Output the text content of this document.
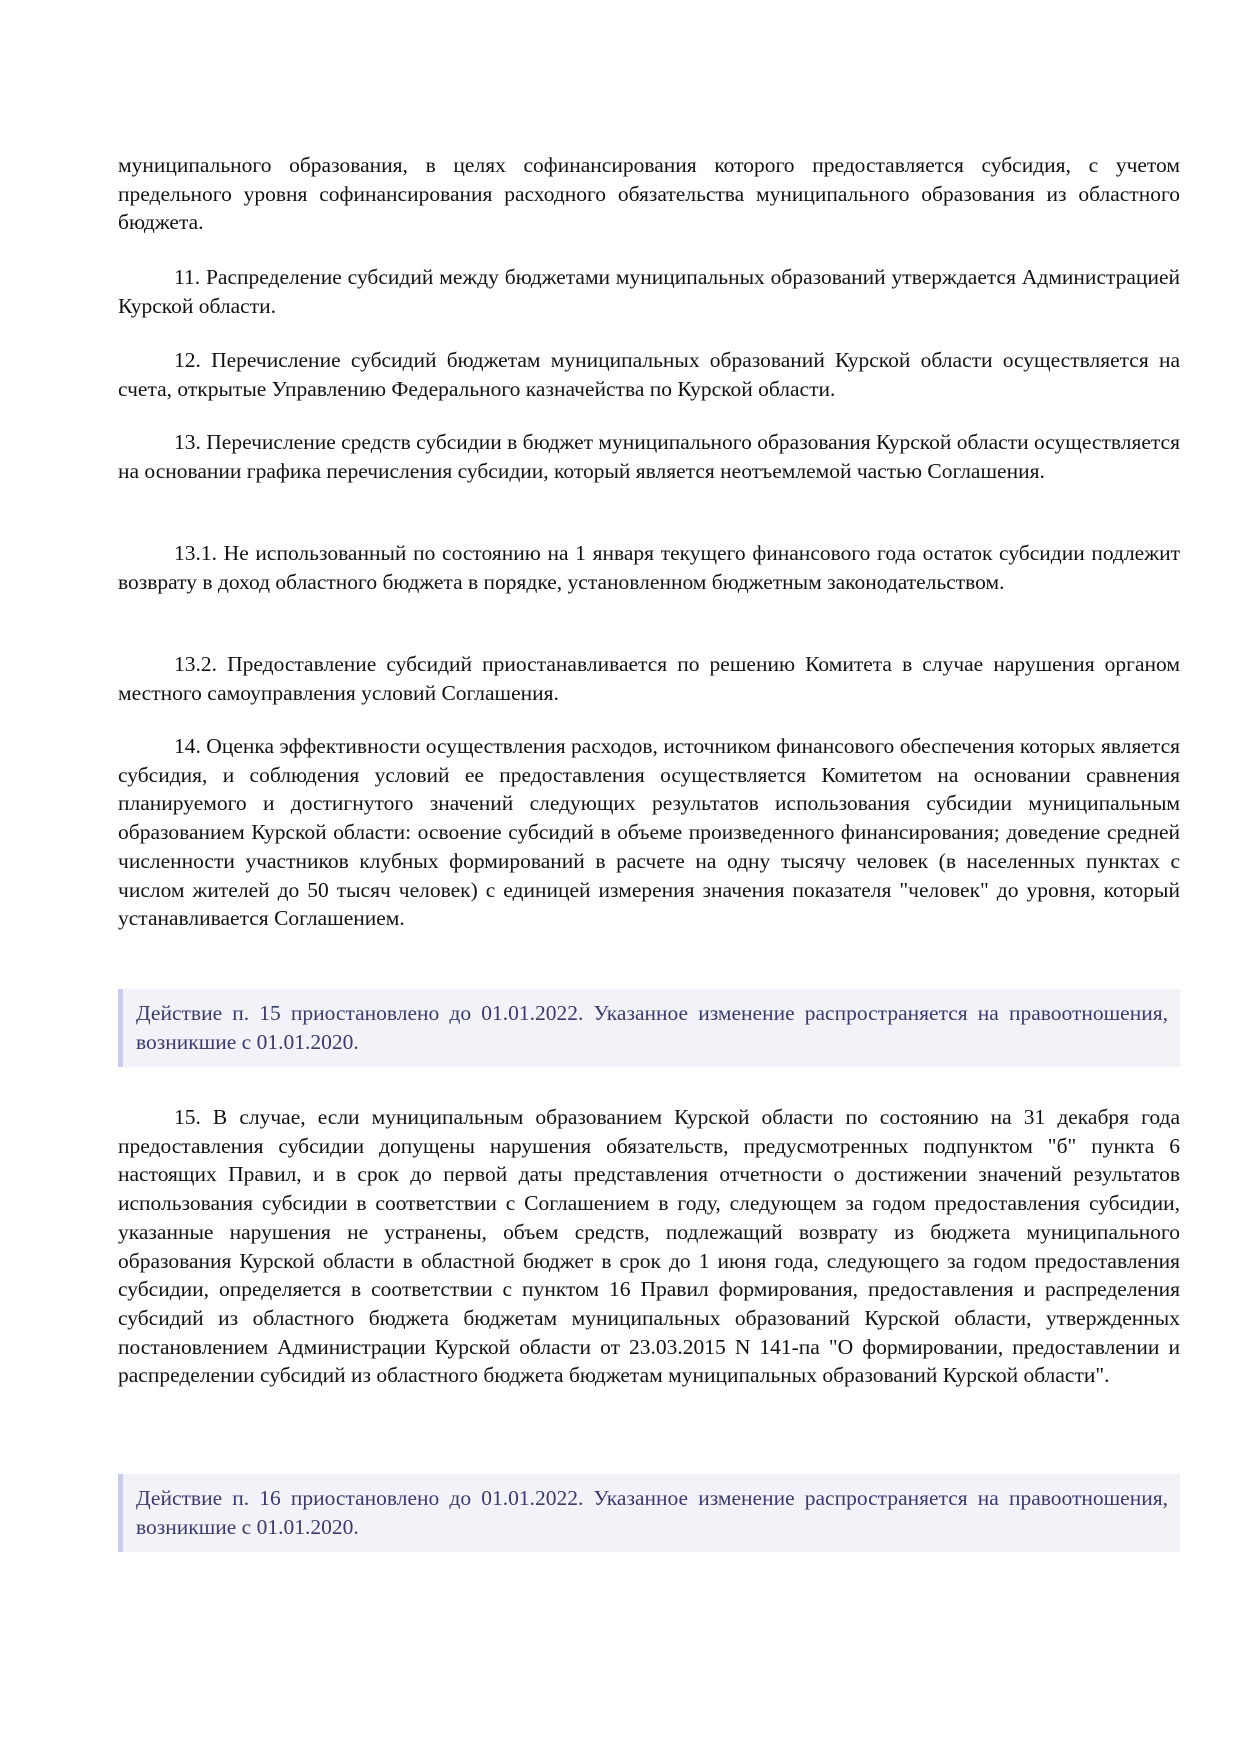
муниципального образования, в целях софинансирования которого предоставляется субсидия, с учетом предельного уровня софинансирования расходного обязательства муниципального образования из областного бюджета.

11. Распределение субсидий между бюджетами муниципальных образований утверждается Администрацией Курской области.

12. Перечисление субсидий бюджетам муниципальных образований Курской области осуществляется на счета, открытые Управлению Федерального казначейства по Курской области.

13. Перечисление средств субсидии в бюджет муниципального образования Курской области осуществляется на основании графика перечисления субсидии, который является неотъемлемой частью Соглашения.

13.1. Не использованный по состоянию на 1 января текущего финансового года остаток субсидии подлежит возврату в доход областного бюджета в порядке, установленном бюджетным законодательством.

13.2. Предоставление субсидий приостанавливается по решению Комитета в случае нарушения органом местного самоуправления условий Соглашения.

14. Оценка эффективности осуществления расходов, источником финансового обеспечения которых является субсидия, и соблюдения условий ее предоставления осуществляется Комитетом на основании сравнения планируемого и достигнутого значений следующих результатов использования субсидии муниципальным образованием Курской области: освоение субсидий в объеме произведенного финансирования; доведение средней численности участников клубных формирований в расчете на одну тысячу человек (в населенных пунктах с числом жителей до 50 тысяч человек) с единицей измерения значения показателя "человек" до уровня, который устанавливается Соглашением.

Действие п. 15 приостановлено до 01.01.2022. Указанное изменение распространяется на правоотношения, возникшие с 01.01.2020.

15. В случае, если муниципальным образованием Курской области по состоянию на 31 декабря года предоставления субсидии допущены нарушения обязательств, предусмотренных подпунктом "б" пункта 6 настоящих Правил, и в срок до первой даты представления отчетности о достижении значений результатов использования субсидии в соответствии с Соглашением в году, следующем за годом предоставления субсидии, указанные нарушения не устранены, объем средств, подлежащий возврату из бюджета муниципального образования Курской области в областной бюджет в срок до 1 июня года, следующего за годом предоставления субсидии, определяется в соответствии с пунктом 16 Правил формирования, предоставления и распределения субсидий из областного бюджета бюджетам муниципальных образований Курской области, утвержденных постановлением Администрации Курской области от 23.03.2015 N 141-па "О формировании, предоставлении и распределении субсидий из областного бюджета бюджетам муниципальных образований Курской области".

Действие п. 16 приостановлено до 01.01.2022. Указанное изменение распространяется на правоотношения, возникшие с 01.01.2020.
